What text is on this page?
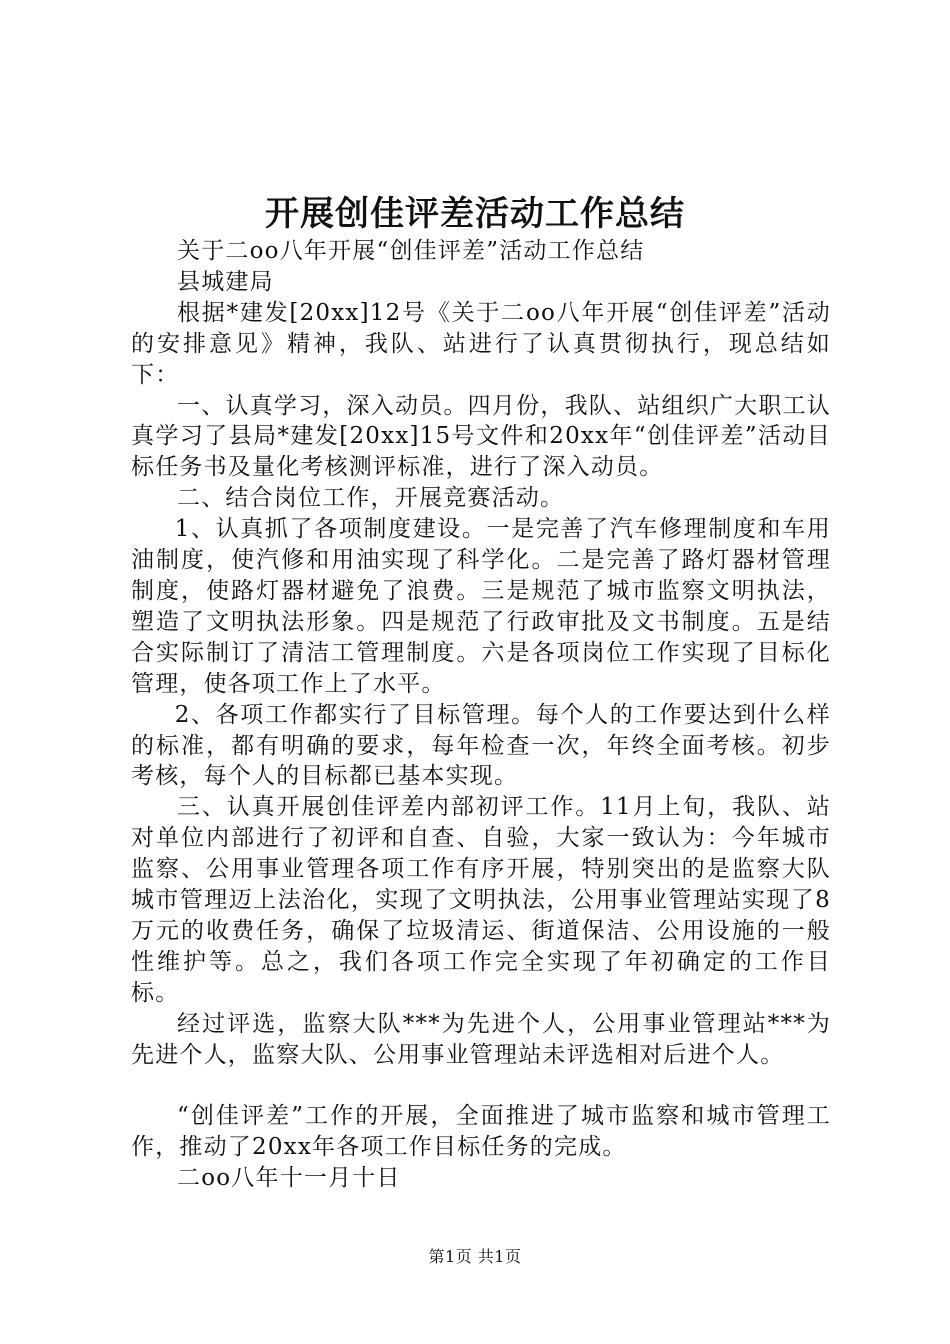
开展创佳评差活动工作总结

关于二oo八年开展“创佳评差”活动工作总结

县城建局

根据*建发[20xx]12号《关于二oo八年开展“创佳评差”活动的安排意见》精神，我队、站进行了认真贯彻执行，现总结如下：

一、认真学习，深入动员。四月份，我队、站组织广大职工认真学习了县局*建发[20xx]15号文件和20xx年“创佳评差”活动目标任务书及量化考核测评标准，进行了深入动员。

二、结合岗位工作，开展竞赛活动。

1、认真抓了各项制度建设。一是完善了汽车修理制度和车用油制度，使汽修和用油实现了科学化。二是完善了路灯器材管理制度，使路灯器材避免了浪费。三是规范了城市监察文明执法，塑造了文明执法形象。四是规范了行政审批及文书制度。五是结合实际制订了清洁工管理制度。六是各项岗位工作实现了目标化管理，使各项工作上了水平。

2、各项工作都实行了目标管理。每个人的工作要达到什么样的标准，都有明确的要求，每年检查一次，年终全面考核。初步考核，每个人的目标都已基本实现。

三、认真开展创佳评差内部初评工作。11月上旬，我队、站对单位内部进行了初评和自查、自验，大家一致认为：今年城市监察、公用事业管理各项工作有序开展，特别突出的是监察大队城市管理迈上法治化，实现了文明执法，公用事业管理站实现了8万元的收费任务，确保了垃圾清运、街道保洁、公用设施的一般性维护等。总之，我们各项工作完全实现了年初确定的工作目标。

经过评选，监察大队***为先进个人，公用事业管理站***为先进个人，监察大队、公用事业管理站未评选相对后进个人。

“创佳评差”工作的开展，全面推进了城市监察和城市管理工作，推动了20xx年各项工作目标任务的完成。

二oo八年十一月十日

第1页 共1页
